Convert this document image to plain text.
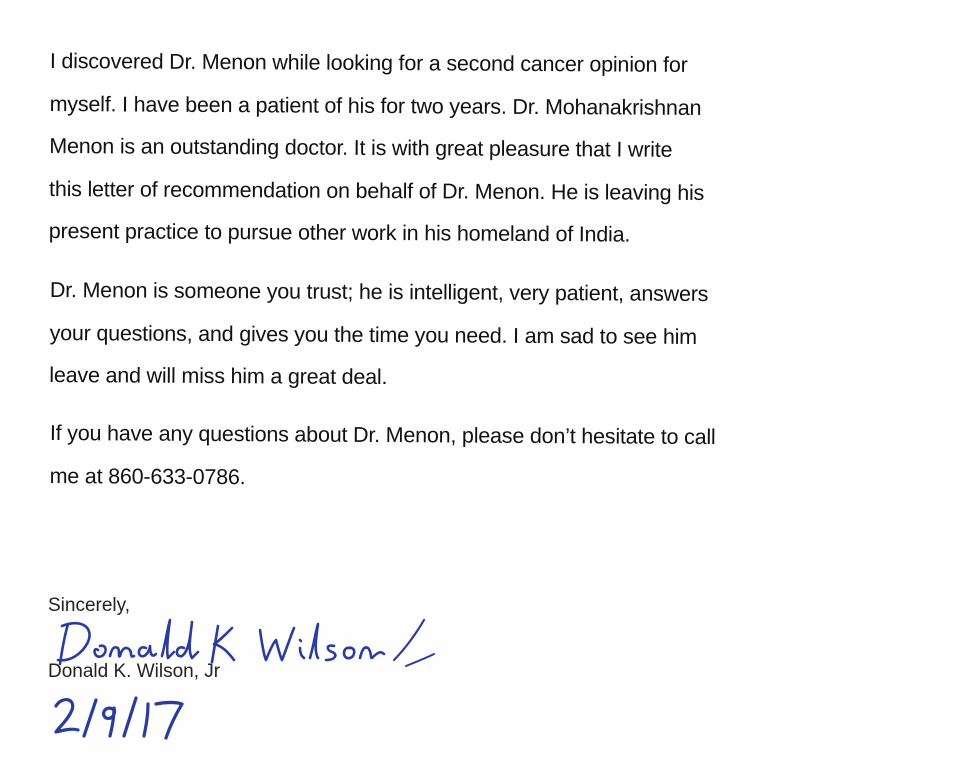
I discovered Dr. Menon while looking for a second cancer opinion for
myself. I have been a patient of his for two years. Dr. Mohanakrishnan
Menon is an outstanding doctor. It is with great pleasure that I write
this letter of recommendation on behalf of Dr. Menon. He is leaving his
present practice to pursue other work in his homeland of India.

Dr. Menon is someone you trust; he is intelligent, very patient, answers
your questions, and gives you the time you need. I am sad to see him
leave and will miss him a great deal.

If you have any questions about Dr. Menon, please don’t hesitate to call
me at 860-633-0786.

Sincerely,
Donald K. Wilson, Jr
